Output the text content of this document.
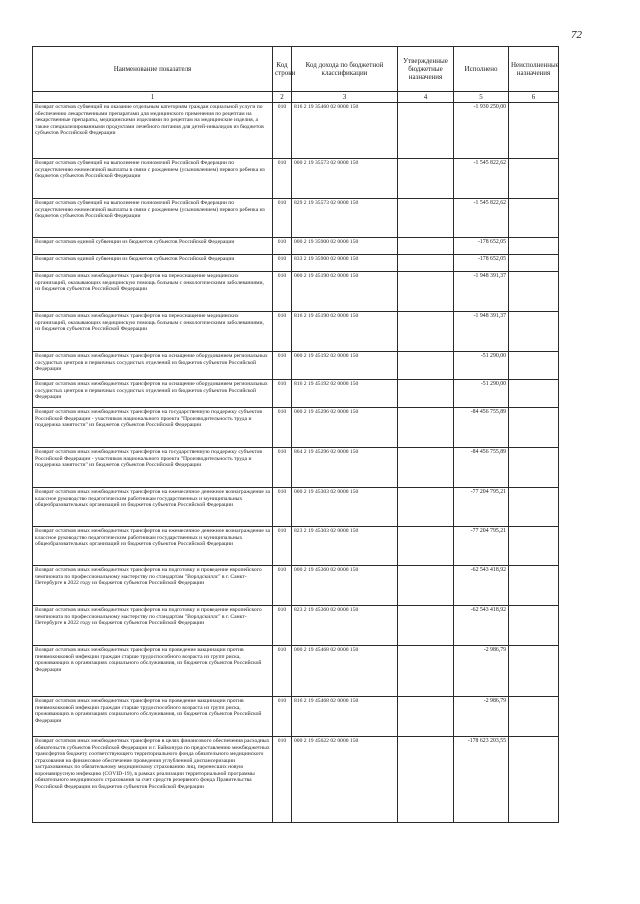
72
Наименование показателя	Код строки	Код дохода по бюджетной классификации	Утвержденные бюджетные назначения	Исполнено	Неисполненные назначения
1	2	3	4	5	6
Возврат остатков субвенций на оказание отдельным категориям граждан социальной услуги по обеспечению лекарственными препаратами для медицинского применения по рецептам на лекарственные препараты, медицинскими изделиями по рецептам на медицинские изделия, а также специализированными продуктами лечебного питания для детей-инвалидов из бюджетов субъектов Российской Федерации	010	816 2 19 35460 02 0000 150		-1 930 250,00	
Возврат остатков субвенций на выполнение полномочий Российской Федерации по осуществлению ежемесячной выплаты в связи с рождением (усыновлением) первого ребенка из бюджетов субъектов Российской Федерации	010	000 2 19 35573 02 0000 150		-1 545 822,62	
Возврат остатков субвенций на выполнение полномочий Российской Федерации по осуществлению ежемесячной выплаты в связи с рождением (усыновлением) первого ребенка из бюджетов субъектов Российской Федерации	010	829 2 19 35573 02 0000 150		-1 545 822,62	
Возврат остатков единой субвенции из бюджетов субъектов Российской Федерации	010	000 2 19 35900 02 0000 150		-178 652,05	
Возврат остатков единой субвенции из бюджетов субъектов Российской Федерации	010	833 2 19 35900 02 0000 150		-178 652,05	
Возврат остатков иных межбюджетных трансфертов на переоснащение медицинских организаций, оказывающих медицинскую помощь больным с онкологическими заболеваниями, из бюджетов субъектов Российской Федерации	010	000 2 19 45190 02 0000 150		-1 948 391,37	
Возврат остатков иных межбюджетных трансфертов на переоснащение медицинских организаций, оказывающих медицинскую помощь больным с онкологическими заболеваниями, из бюджетов субъектов Российской Федерации	010	816 2 19 45190 02 0000 150		-1 948 391,37	
Возврат остатков иных межбюджетных трансфертов на оснащение оборудованием региональных сосудистых центров и первичных сосудистых отделений из бюджетов субъектов Российской Федерации	010	000 2 19 45192 02 0000 150		-51 290,00	
Возврат остатков иных межбюджетных трансфертов на оснащение оборудованием региональных сосудистых центров и первичных сосудистых отделений из бюджетов субъектов Российской Федерации	010	816 2 19 45192 02 0000 150		-51 290,00	
Возврат остатков иных межбюджетных трансфертов на государственную поддержку субъектов Российской Федерации - участников национального проекта "Производительность труда и поддержка занятости" из бюджетов субъектов Российской Федерации	010	000 2 19 45296 02 0000 150		-84 456 755,89	
Возврат остатков иных межбюджетных трансфертов на государственную поддержку субъектов Российской Федерации - участников национального проекта "Производительность труда и поддержка занятости" из бюджетов субъектов Российской Федерации	010	864 2 19 45296 02 0000 150		-84 456 755,89	
Возврат остатков иных межбюджетных трансфертов на ежемесячное денежное вознаграждение за классное руководство педагогическим работникам государственных и муниципальных общеобразовательных организаций из бюджетов субъектов Российской Федерации	010	000 2 19 45303 02 0000 150		-77 204 795,21	
Возврат остатков иных межбюджетных трансфертов на ежемесячное денежное вознаграждение за классное руководство педагогическим работникам государственных и муниципальных общеобразовательных организаций из бюджетов субъектов Российской Федерации	010	823 2 19 45303 02 0000 150		-77 204 795,21	
Возврат остатков иных межбюджетных трансфертов на подготовку и проведение европейского чемпионата по профессиональному мастерству по стандартам "Ворлдскиллс" в г. Санкт-Петербурге в 2022 году из бюджетов субъектов Российской Федерации	010	000 2 19 45360 02 0000 150		-62 543 418,92	
Возврат остатков иных межбюджетных трансфертов на подготовку и проведение европейского чемпионата по профессиональному мастерству по стандартам "Ворлдскиллс" в г. Санкт-Петербурге в 2022 году из бюджетов субъектов Российской Федерации	010	823 2 19 45360 02 0000 150		-62 543 418,92	
Возврат остатков иных межбюджетных трансфертов на проведение вакцинации против пневмококковой инфекции граждан старше трудоспособного возраста из групп риска, проживающих в организациях социального обслуживания, из бюджетов субъектов Российской Федерации	010	000 2 19 45468 02 0000 150		-2 986,79	
Возврат остатков иных межбюджетных трансфертов на проведение вакцинации против пневмококковой инфекции граждан старше трудоспособного возраста из групп риска, проживающих в организациях социального обслуживания, из бюджетов субъектов Российской Федерации	010	816 2 19 45468 02 0000 150		-2 986,79	
Возврат остатков иных межбюджетных трансфертов в целях финансового обеспечения расходных обязательств субъектов Российской Федерации и г. Байконура по предоставлению межбюджетных трансфертов бюджету соответствующего территориального фонда обязательного медицинского страхования на финансовое обеспечение проведения углубленной диспансеризации застрахованных по обязательному медицинскому страхованию лиц, перенесших новую коронавирусную инфекцию (COVID-19), в рамках реализации территориальной программы обязательного медицинского страхования за счет средств резервного фонда Правительства Российской Федерации из бюджетов субъектов Российской Федерации	010	000 2 19 45622 02 0000 150		-178 623 203,55	
